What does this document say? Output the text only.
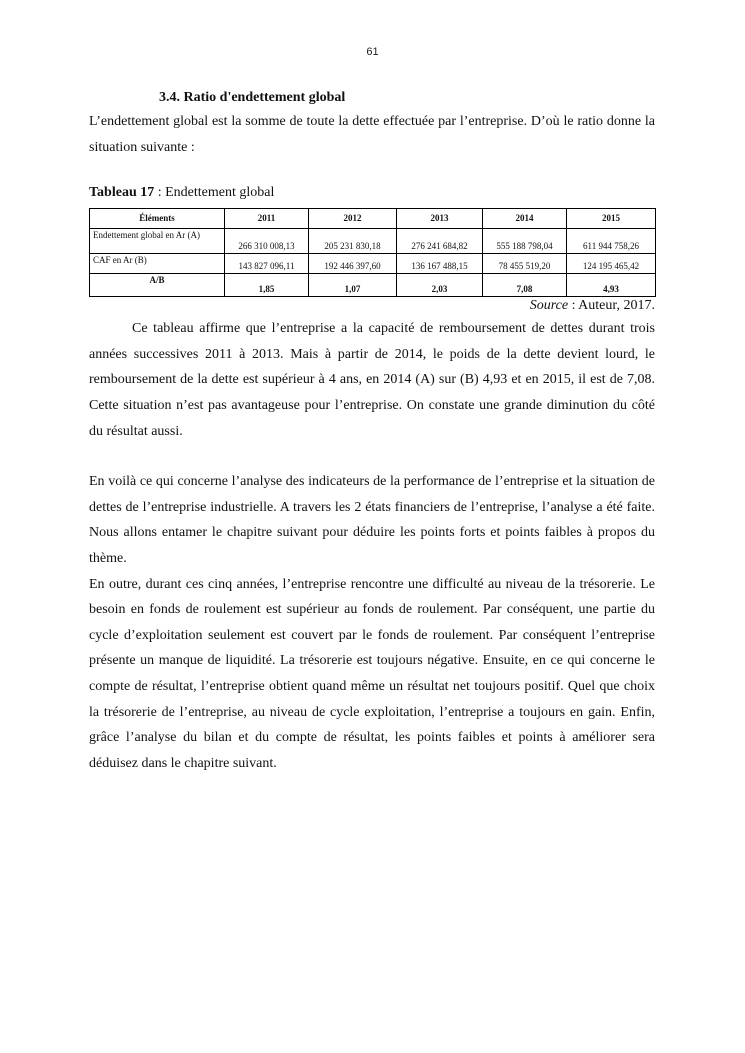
61
3.4. Ratio d'endettement global

L’endettement global est la somme de toute la dette effectuée par l’entreprise. D’où le ratio donne la situation suivante :

Tableau 17 : Endettement global
Éléments	2011	2012	2013	2014	2015
Endettement global en Ar (A)	266 310 008,13	205 231 830,18	276 241 684,82	555 188 798,04	611 944 758,26
CAF en Ar (B)	143 827 096,11	192 446 397,60	136 167 488,15	78 455 519,20	124 195 465,42
A/B	1,85	1,07	2,03	7,08	4,93
Source : Auteur, 2017.

Ce tableau affirme que l’entreprise a la capacité de remboursement de dettes durant trois années successives 2011 à 2013. Mais à partir de 2014, le poids de la dette devient lourd, le remboursement de la dette est supérieur à 4 ans, en 2014 (A) sur (B) 4,93 et en 2015, il est de 7,08. Cette situation n’est pas avantageuse pour l’entreprise. On constate une grande diminution du côté du résultat aussi.

En voilà ce qui concerne l’analyse des indicateurs de la performance de l’entreprise et la situation de dettes de l’entreprise industrielle. A travers les 2 états financiers de l’entreprise, l’analyse a été faite. Nous allons entamer le chapitre suivant pour déduire les points forts et points faibles à propos du thème.

En outre, durant ces cinq années, l’entreprise rencontre une difficulté au niveau de la trésorerie. Le besoin en fonds de roulement est supérieur au fonds de roulement. Par conséquent, une partie du cycle d’exploitation seulement est couvert par le fonds de roulement. Par conséquent l’entreprise présente un manque de liquidité. La trésorerie est toujours négative. Ensuite, en ce qui concerne le compte de résultat, l’entreprise obtient quand même un résultat net toujours positif. Quel que choix la trésorerie de l’entreprise, au niveau de cycle exploitation, l’entreprise a toujours en gain. Enfin, grâce l’analyse du bilan et du compte de résultat, les points faibles et points à améliorer sera déduisez dans le chapitre suivant.
